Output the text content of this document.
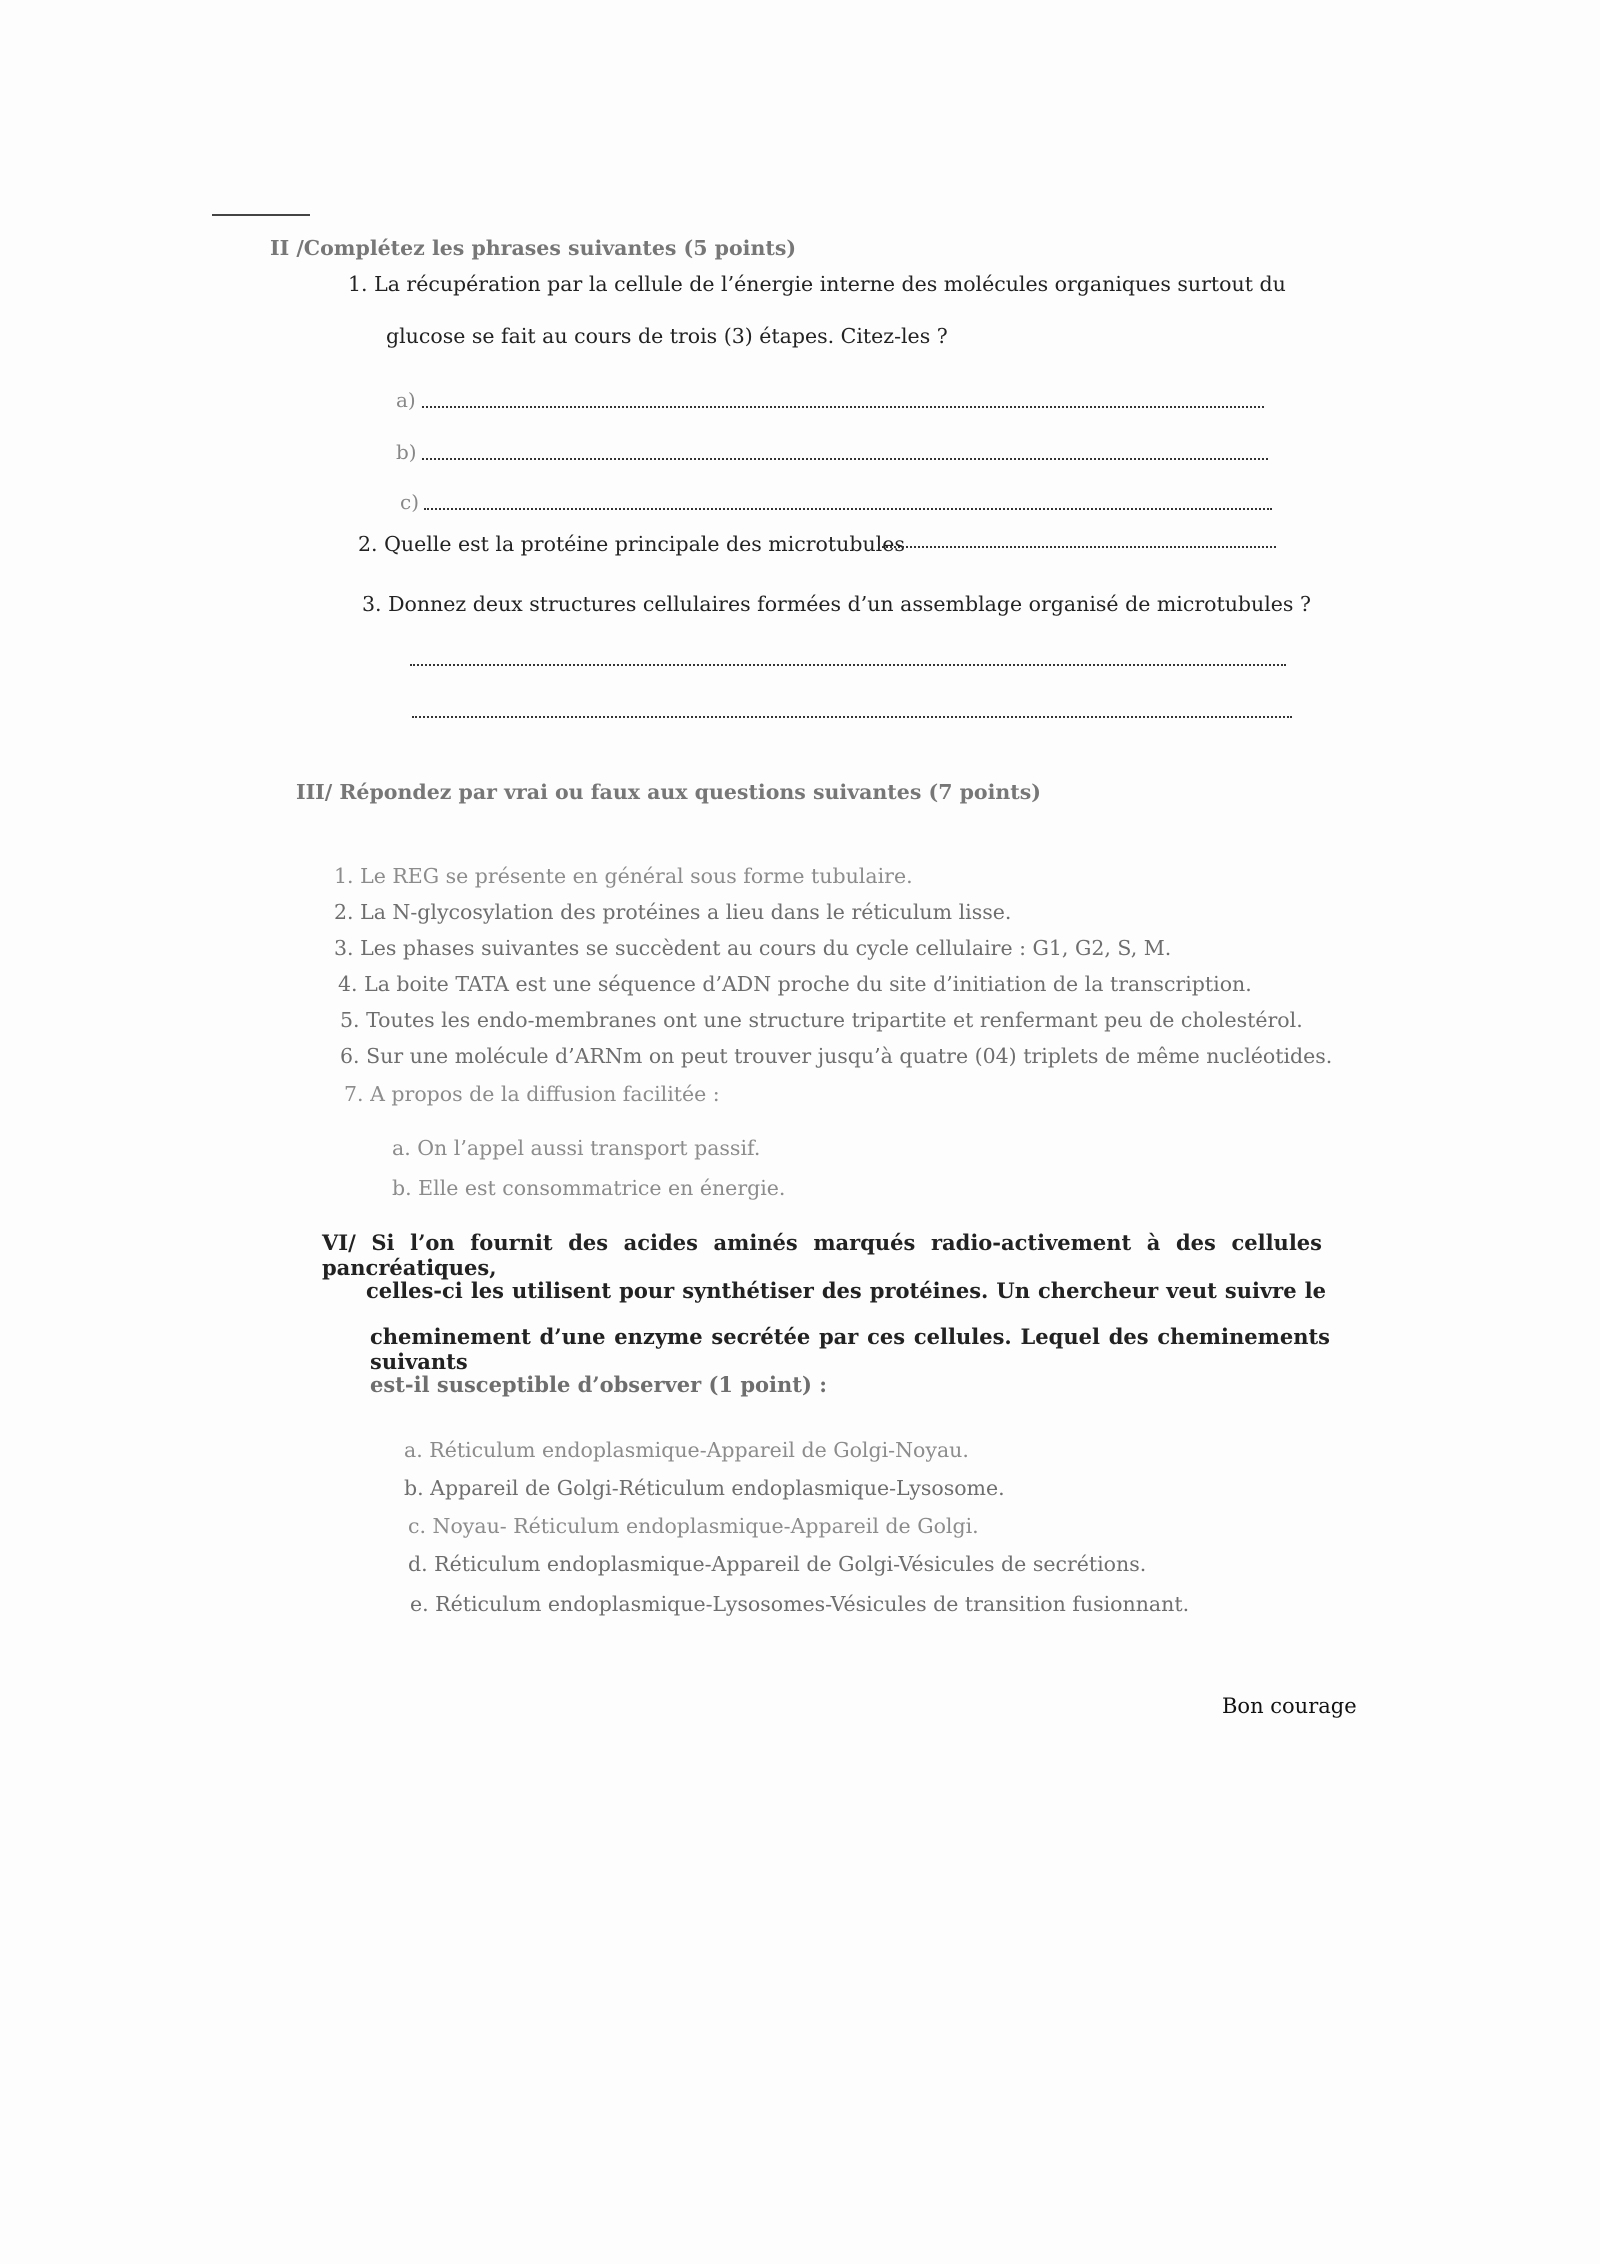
II /Complétez les phrases suivantes (5 points)
1. La récupération par la cellule de l’énergie interne des molécules organiques surtout du
glucose se fait au cours de trois (3) étapes. Citez-les ?
a)
b)
c)
2. Quelle est la protéine principale des microtubules
3. Donnez deux structures cellulaires formées d’un assemblage organisé de microtubules ?
III/ Répondez par vrai ou faux aux questions suivantes (7 points)
1. Le REG se présente en général sous forme tubulaire.
2. La N-glycosylation des protéines a lieu dans le réticulum lisse.
3. Les phases suivantes se succèdent au cours du cycle cellulaire : G1, G2, S, M.
4. La boite TATA est une séquence d’ADN proche du site d’initiation de la transcription.
5. Toutes les endo-membranes ont une structure tripartite et renfermant peu de cholestérol.
6. Sur une molécule d’ARNm on peut trouver jusqu’à quatre (04) triplets de même nucléotides.
7. A propos de la diffusion facilitée :
a. On l’appel aussi transport passif.
b. Elle est consommatrice en énergie.
VI/ Si l’on fournit des acides aminés marqués radio-activement à des cellules pancréatiques,
celles-ci les utilisent pour synthétiser des protéines. Un chercheur veut suivre le
cheminement d’une enzyme secrétée par ces cellules. Lequel des cheminements suivants
est-il susceptible d’observer (1 point) :
a. Réticulum endoplasmique-Appareil de Golgi-Noyau.
b. Appareil de Golgi-Réticulum endoplasmique-Lysosome.
c. Noyau- Réticulum endoplasmique-Appareil de Golgi.
d. Réticulum endoplasmique-Appareil de Golgi-Vésicules de secrétions.
e. Réticulum endoplasmique-Lysosomes-Vésicules de transition fusionnant.
Bon courage
